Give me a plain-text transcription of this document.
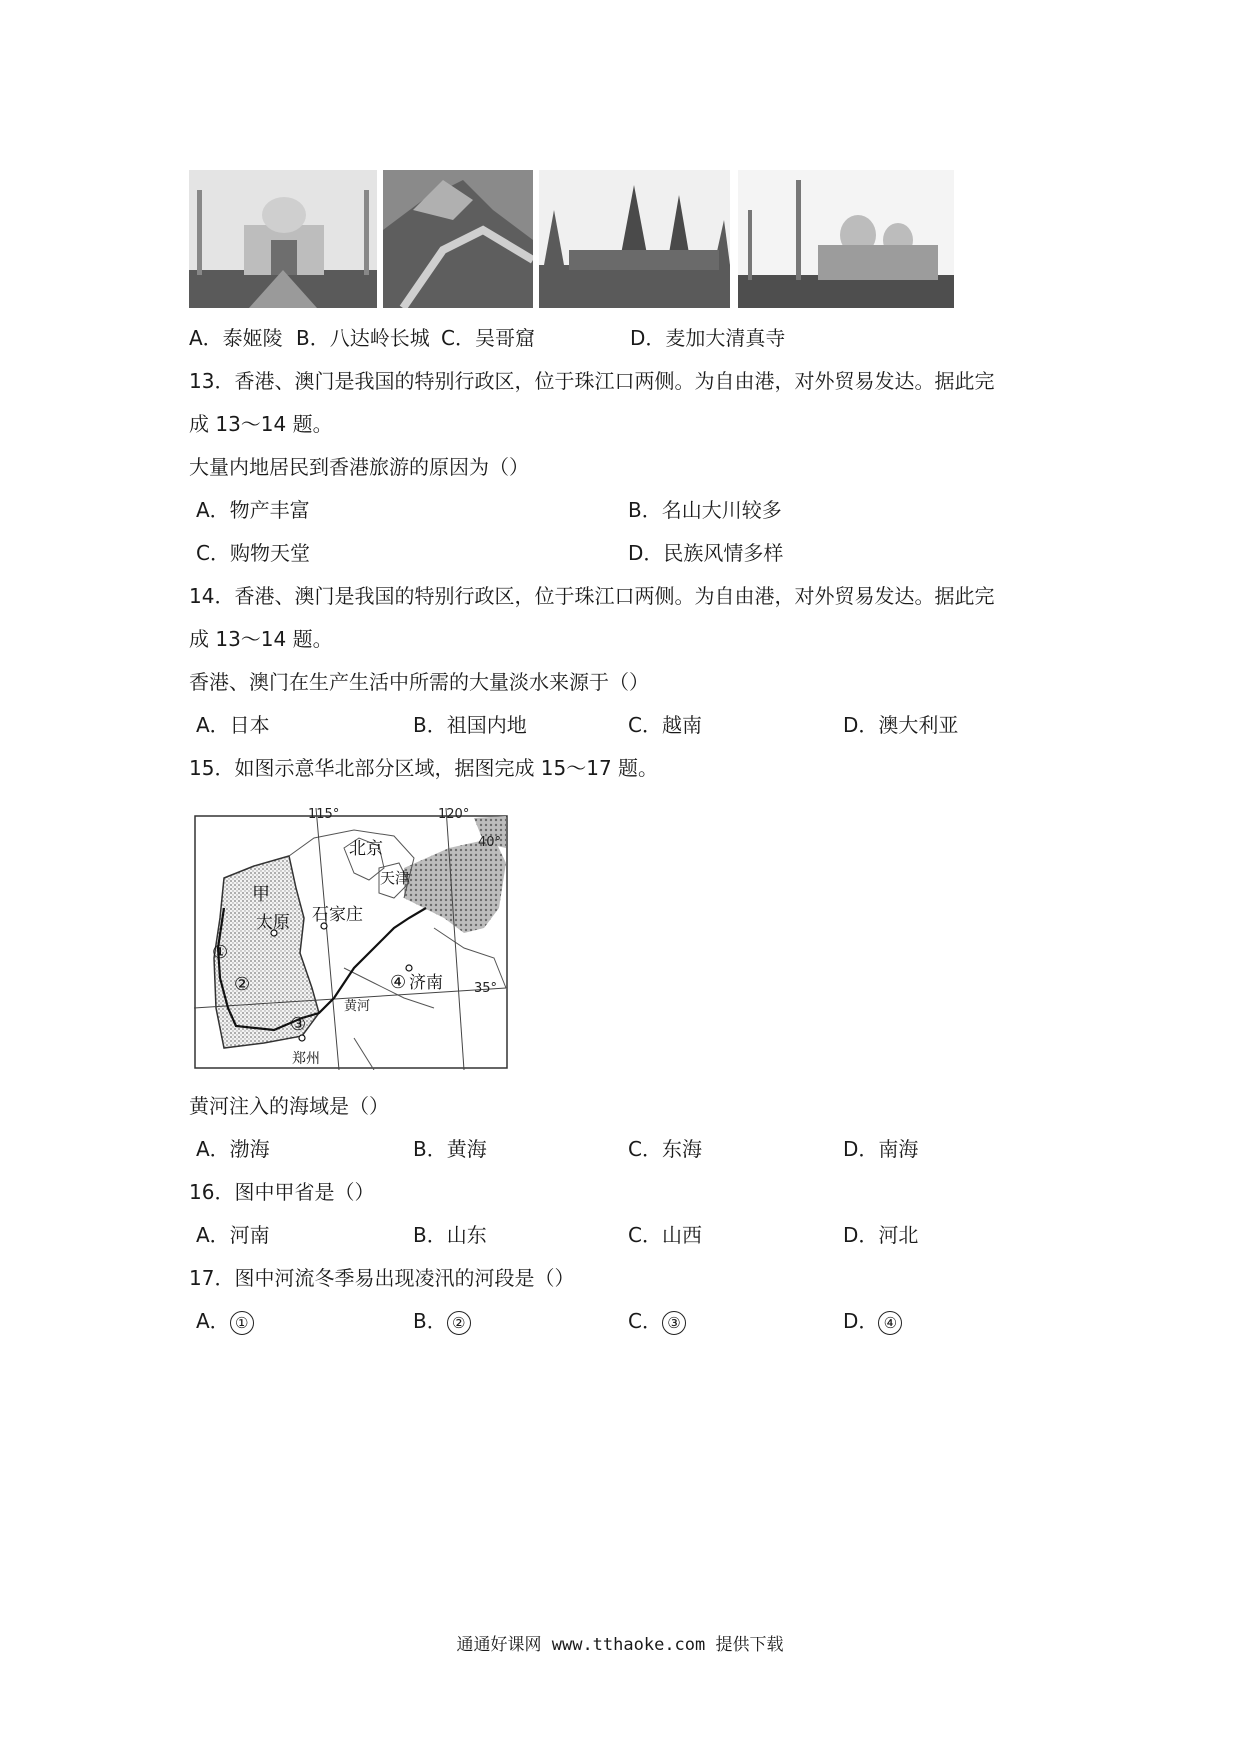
A．泰姬陵 B．八达岭长城 C．吴哥窟	D．麦加大清真寺
13．香港、澳门是我国的特别行政区，位于珠江口两侧。为自由港，对外贸易发达。据此完
成 13～14 题。
大量内地居民到香港旅游的原因为（）
A．物产丰富	B．名山大川较多
C．购物天堂	D．民族风情多样
14．香港、澳门是我国的特别行政区，位于珠江口两侧。为自由港，对外贸易发达。据此完
成 13～14 题。
香港、澳门在生产生活中所需的大量淡水来源于（）
A．日本	B．祖国内地	C．越南	D．澳大利亚
15．如图示意华北部分区域，据图完成 15～17 题。
115°	120°
40°
35°
北京
天津
甲
太原 石家庄
济南
郑州
黄河
①
②
③
④
黄河注入的海域是（）
A．渤海	B．黄海	C．东海	D．南海
16．图中甲省是（）
A．河南	B．山东	C．山西	D．河北
17．图中河流冬季易出现凌汛的河段是（）
A． ①	B． ②	C． ③	D． ④
通通好课网 www.tthaoke.com 提供下载
